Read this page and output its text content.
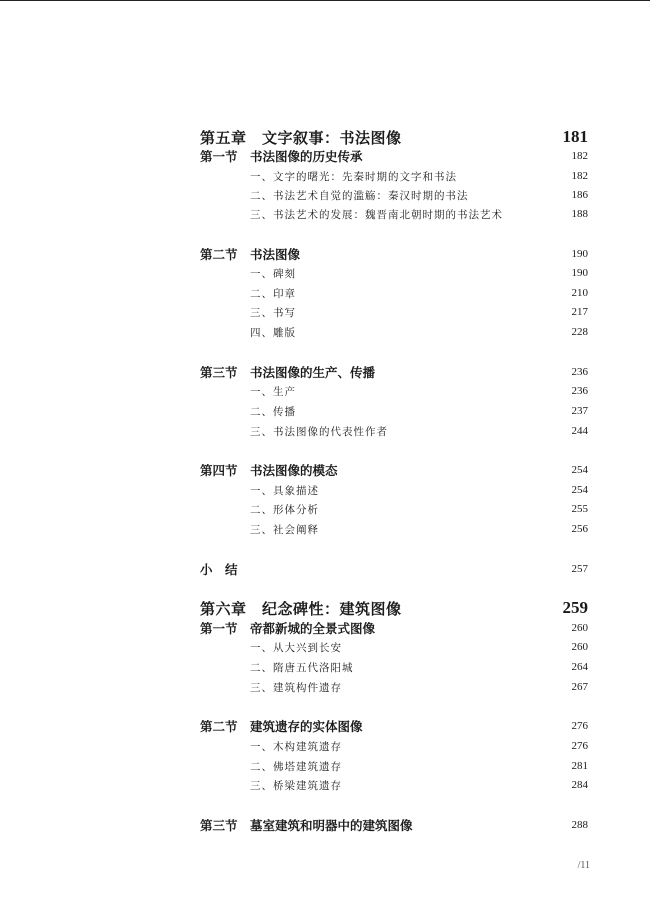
第五章　文字叙事：书法图像	181
第一节　书法图像的历史传承	182
一、文字的曙光：先秦时期的文字和书法	182
二、书法艺术自觉的滥觞：秦汉时期的书法	186
三、书法艺术的发展：魏晋南北朝时期的书法艺术	188
第二节　书法图像	190
一、碑刻	190
二、印章	210
三、书写	217
四、雕版	228
第三节　书法图像的生产、传播	236
一、生产	236
二、传播	237
三、书法图像的代表性作者	244
第四节　书法图像的模态	254
一、具象描述	254
二、形体分析	255
三、社会阐释	256
小　结	257
第六章　纪念碑性：建筑图像	259
第一节　帝都新城的全景式图像	260
一、从大兴到长安	260
二、隋唐五代洛阳城	264
三、建筑构件遗存	267
第二节　建筑遗存的实体图像	276
一、木构建筑遗存	276
二、佛塔建筑遗存	281
三、桥梁建筑遗存	284
第三节　墓室建筑和明器中的建筑图像	288
/11
